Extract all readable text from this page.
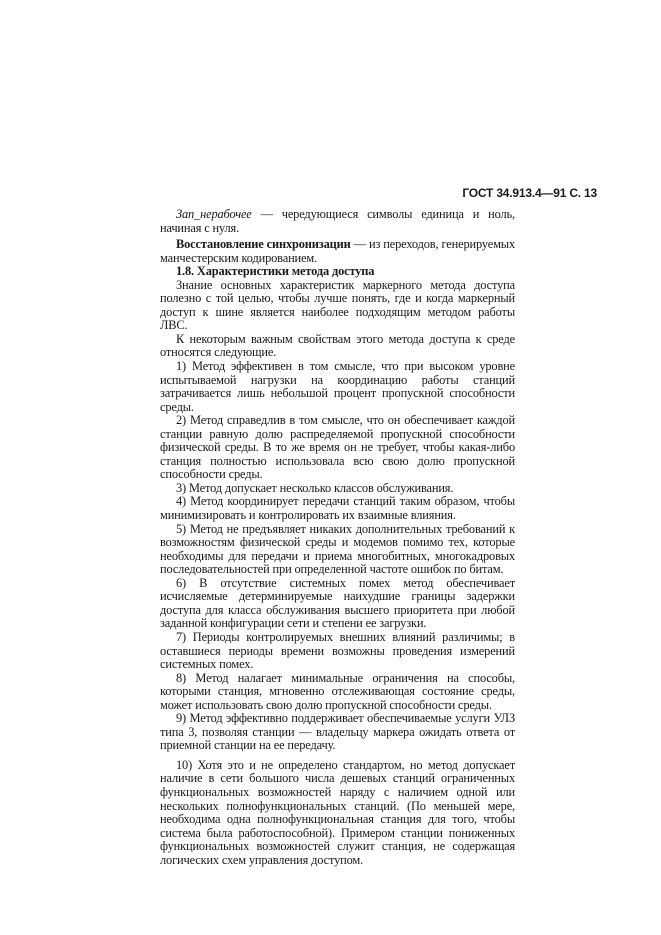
ГОСТ 34.913.4—91 С. 13

Зап_нерабочее — чередующиеся символы единица и ноль, начиная с нуля.

Восстановление синхронизации — из переходов, генерируемых манчестерским кодированием.

1.8. Характеристики метода доступа

Знание основных характеристик маркерного метода доступа полезно с той целью, чтобы лучше понять, где и когда маркерный доступ к шине является наиболее подходящим методом работы ЛВС.

К некоторым важным свойствам этого метода доступа к среде относятся следующие.

1) Метод эффективен в том смысле, что при высоком уровне испытываемой нагрузки на координацию работы станций затрачивается лишь небольшой процент пропускной способности среды.

2) Метод справедлив в том смысле, что он обеспечивает каждой станции равную долю распределяемой пропускной способности физической среды. В то же время он не требует, чтобы какая-либо станция полностью использовала всю свою долю пропускной способности среды.

3) Метод допускает несколько классов обслуживания.

4) Метод координирует передачи станций таким образом, чтобы минимизировать и контролировать их взаимные влияния.

5) Метод не предъявляет никаких дополнительных требований к возможностям физической среды и модемов помимо тех, которые необходимы для передачи и приема многобитных, многокадровых последовательностей при определенной частоте ошибок по битам.

6) В отсутствие системных помех метод обеспечивает исчисляемые детерминируемые наихудшие границы задержки доступа для класса обслуживания высшего приоритета при любой заданной конфигурации сети и степени ее загрузки.

7) Периоды контролируемых внешних влияний различимы; в оставшиеся периоды времени возможны проведения измерений системных помех.

8) Метод налагает минимальные ограничения на способы, которыми станция, мгновенно отслеживающая состояние среды, может использовать свою долю пропускной способности среды.

9) Метод эффективно поддерживает обеспечиваемые услуги УЛЗ типа 3, позволяя станции — владельцу маркера ожидать ответа от приемной станции на ее передачу.

10) Хотя это и не определено стандартом, но метод допускает наличие в сети большого числа дешевых станций ограниченных функциональных возможностей наряду с наличием одной или нескольких полнофункциональных станций. (По меньшей мере, необходима одна полнофункциональная станция для того, чтобы система была работоспособной). Примером станции пониженных функциональных возможностей служит станция, не содержащая логических схем управления доступом.
